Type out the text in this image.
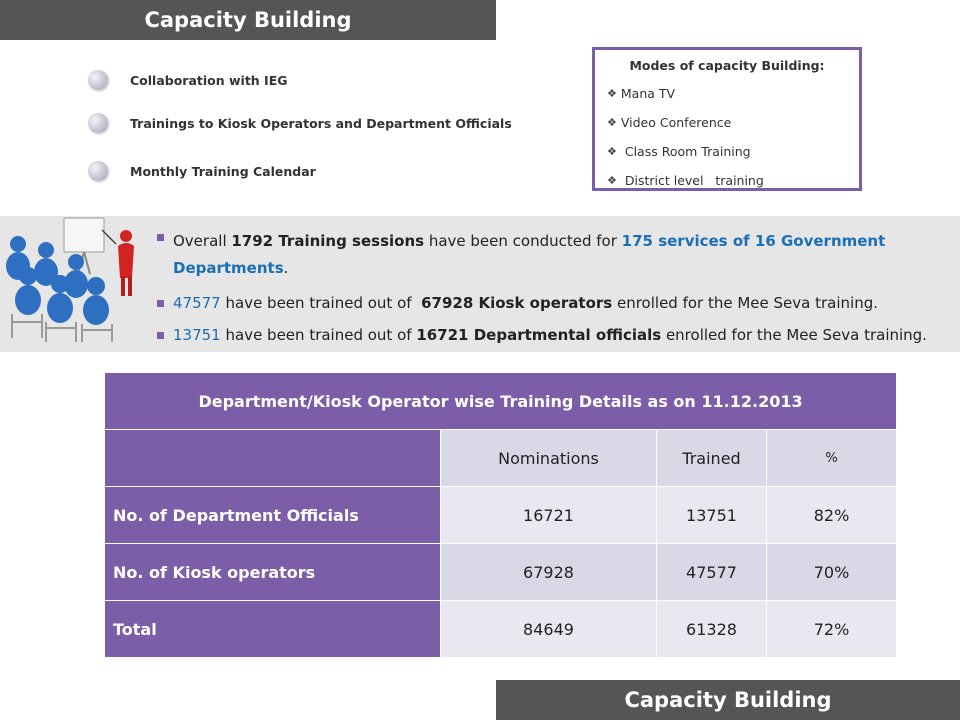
Capacity Building
Collaboration with IEG
Trainings to Kiosk Operators and Department Officials
Monthly Training Calendar
Modes of capacity Building:
❖ Mana TV
❖ Video Conference
❖ Class Room Training
❖ District level   training
Overall 1792 Training sessions have been conducted for 175 services of 16 Government
Departments.
47577 have been trained out of  67928 Kiosk operators enrolled for the Mee Seva training.
13751 have been trained out of 16721 Departmental officials enrolled for the Mee Seva training.
Department/Kiosk Operator wise Training Details as on 11.12.2013			
	Nominations	Trained	%
No. of Department Officials	16721	13751	82%
No. of Kiosk operators	67928	47577	70%
Total	84649	61328	72%
Capacity Building
